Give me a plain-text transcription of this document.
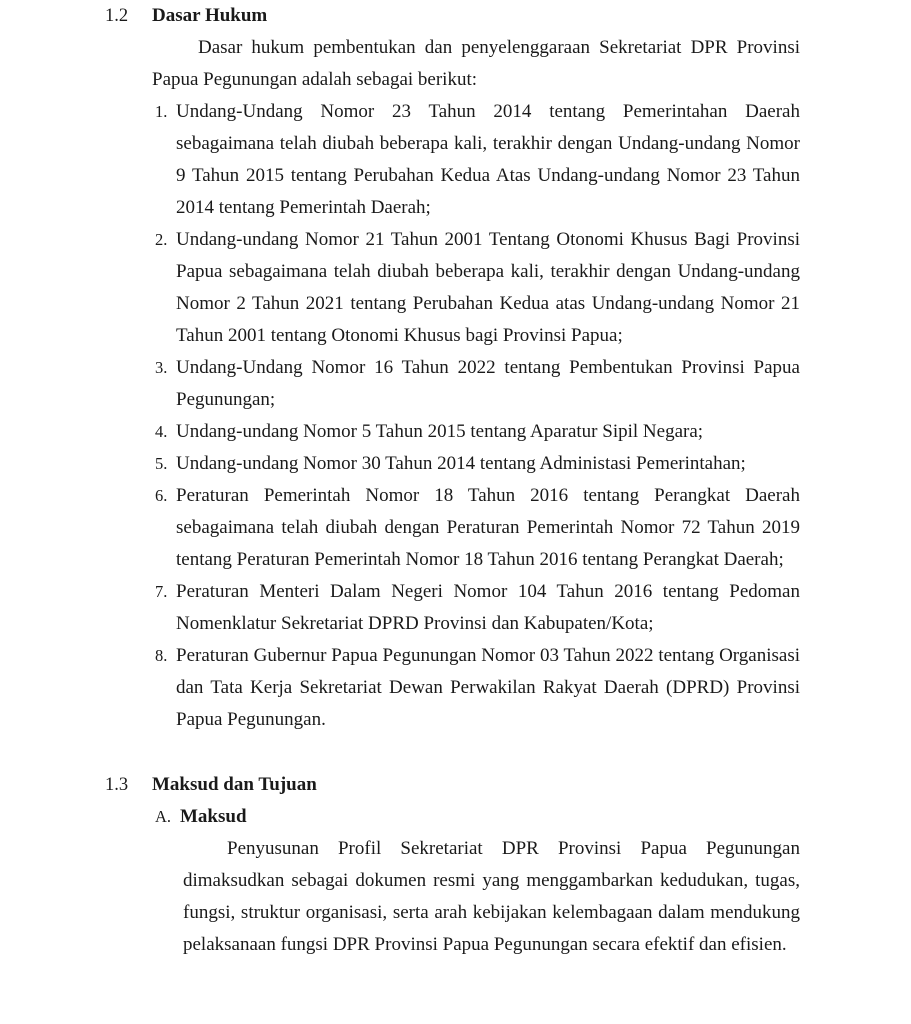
1.2	Dasar Hukum

Dasar hukum pembentukan dan penyelenggaraan Sekretariat DPR Provinsi Papua Pegunungan adalah sebagai berikut:

1. Undang-Undang Nomor 23 Tahun 2014 tentang Pemerintahan Daerah sebagaimana telah diubah beberapa kali, terakhir dengan Undang-undang Nomor 9 Tahun 2015 tentang Perubahan Kedua Atas Undang-undang Nomor 23 Tahun 2014 tentang Pemerintah Daerah;
2. Undang-undang Nomor 21 Tahun 2001 Tentang Otonomi Khusus Bagi Provinsi Papua sebagaimana telah diubah beberapa kali, terakhir dengan Undang-undang Nomor 2 Tahun 2021 tentang Perubahan Kedua atas Undang-undang Nomor 21 Tahun 2001 tentang Otonomi Khusus bagi Provinsi Papua;
3. Undang-Undang Nomor 16 Tahun 2022 tentang Pembentukan Provinsi Papua Pegunungan;
4. Undang-undang Nomor 5 Tahun 2015 tentang Aparatur Sipil Negara;
5. Undang-undang Nomor 30 Tahun 2014 tentang Administasi Pemerintahan;
6. Peraturan Pemerintah Nomor 18 Tahun 2016 tentang Perangkat Daerah sebagaimana telah diubah dengan Peraturan Pemerintah Nomor 72 Tahun 2019 tentang Peraturan Pemerintah Nomor 18 Tahun 2016 tentang Perangkat Daerah;
7. Peraturan Menteri Dalam Negeri Nomor 104 Tahun 2016 tentang Pedoman Nomenklatur Sekretariat DPRD Provinsi dan Kabupaten/Kota;
8. Peraturan Gubernur Papua Pegunungan Nomor 03 Tahun 2022 tentang Organisasi dan Tata Kerja Sekretariat Dewan Perwakilan Rakyat Daerah (DPRD) Provinsi Papua Pegunungan.
1.3	Maksud dan Tujuan
A. Maksud

Penyusunan Profil Sekretariat DPR Provinsi Papua Pegunungan dimaksudkan sebagai dokumen resmi yang menggambarkan kedudukan, tugas, fungsi, struktur organisasi, serta arah kebijakan kelembagaan dalam mendukung pelaksanaan fungsi DPR Provinsi Papua Pegunungan secara efektif dan efisien.
